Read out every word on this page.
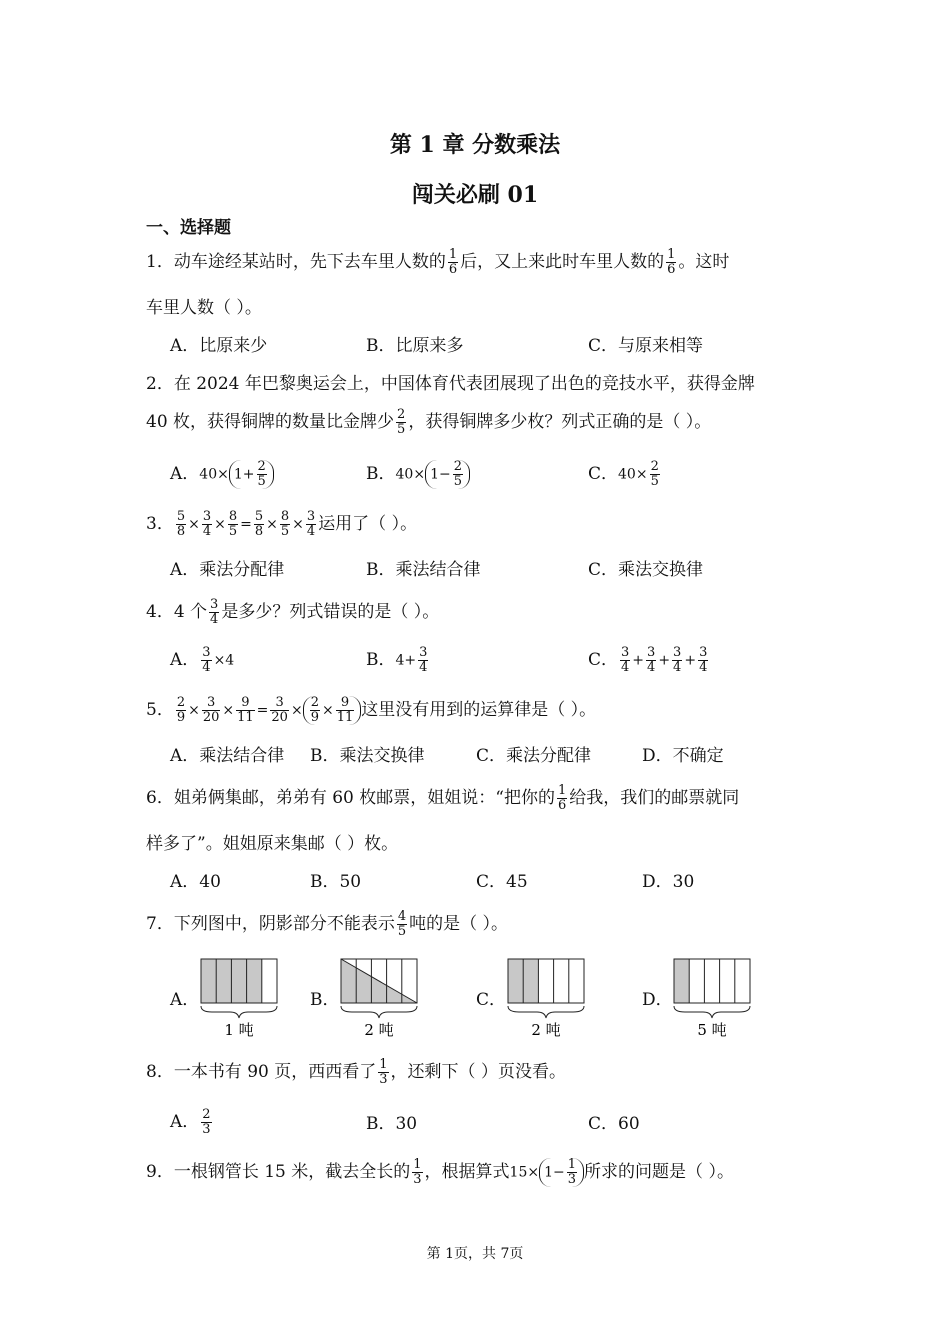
第 1 章 分数乘法
闯关必刷 01
一、选择题
1．动车途经某站时，先下去车里人数的 $\frac{1}{6}$ 后，又上来此时车里人数的 $\frac{1}{6}$ 。这时
车里人数（ ）。
A．比原来少	B．比原来多	C．与原来相等
2．在 2024 年巴黎奥运会上，中国体育代表团展现了出色的竞技水平，获得金牌
40 枚，获得铜牌的数量比金牌少 $\frac{2}{5}$ ，获得铜牌多少枚？列式正确的是（ ）。
A．$40\times 1+ \frac{2}{5}$	B．$40\times 1- \frac{2}{5}$	C．$40\times \frac{2}{5}$
3． $\frac{5}{8} \times \frac{3}{4} \times \frac{8}{5} = \frac{5}{8} \times \frac{8}{5} \times \frac{3}{4}$ 运用了（ ）。
A．乘法分配律	B．乘法结合律	C．乘法交换律
4．4 个 $\frac{3}{4}$ 是多少？列式错误的是（ ）。
A． $\frac{3}{4} \times 4$	B．$4+ \frac{3}{4}$	C． $\frac{3}{4} + \frac{3}{4} + \frac{3}{4} + \frac{3}{4}$
5． $\frac{2}{9} \times \frac{3}{20} \times \frac{9}{11} = \frac{3}{20} \times \frac{2}{9} \times \frac{9}{11}$ 这里没有用到的运算律是（ ）。
A．乘法结合律 B．乘法交换律	C．乘法分配律	D．不确定
6．姐弟俩集邮，弟弟有 60 枚邮票，姐姐说：“把你的 $\frac{1}{6}$ 给我，我们的邮票就同
样多了”。姐姐原来集邮（ ）枚。
A．40	B．50	C．45	D．30
7．下列图中，阴影部分不能表示 $\frac{4}{5}$ 吨的是（ ）。
A．
1 吨
B．
2 吨
C．
2 吨
D．
5 吨
8．一本书有 90 页，西西看了 $\frac{1}{3}$ ，还剩下（ ）页没看。
A． $\frac{2}{3}$	B．30	C．60
9．一根钢管长 15 米，截去全长的 $\frac{1}{3}$ ，根据算式$15\times 1- \frac{1}{3}$ 所求的问题是（ ）。
第 1页，共 7页
